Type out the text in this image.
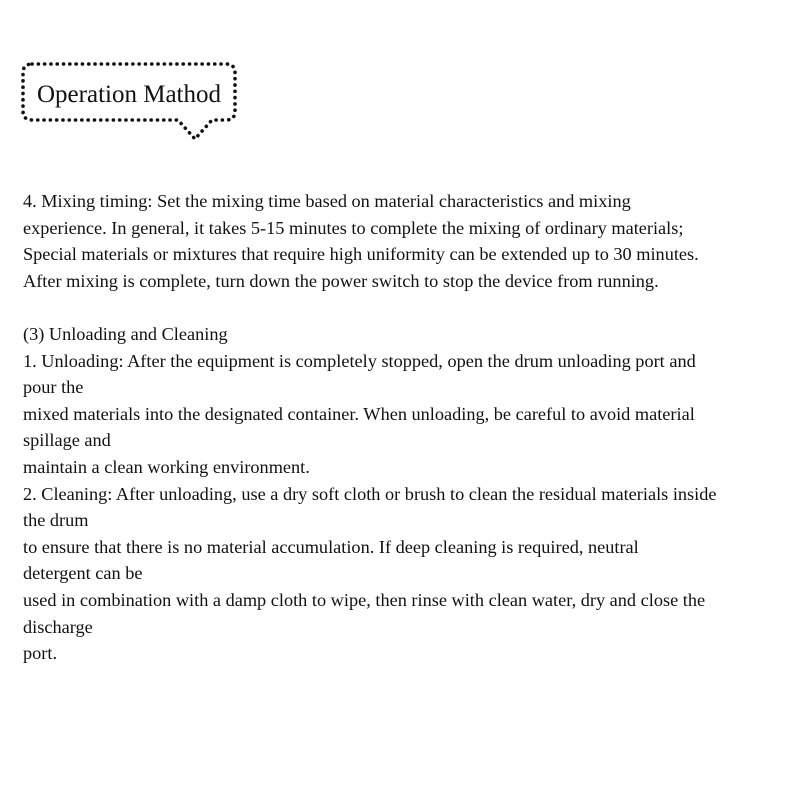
Operation Mathod
4. Mixing timing: Set the mixing time based on material characteristics and mixing
experience. In general, it takes 5-15 minutes to complete the mixing of ordinary materials;
Special materials or mixtures that require high uniformity can be extended up to 30 minutes.
After mixing is complete, turn down the power switch to stop the device from running.
(3) Unloading and Cleaning
1. Unloading: After the equipment is completely stopped, open the drum unloading port and
pour the
mixed materials into the designated container. When unloading, be careful to avoid material
spillage and
maintain a clean working environment.
2. Cleaning: After unloading, use a dry soft cloth or brush to clean the residual materials inside
the drum
to ensure that there is no material accumulation. If deep cleaning is required, neutral
detergent can be
used in combination with a damp cloth to wipe, then rinse with clean water, dry and close the
discharge
port.
